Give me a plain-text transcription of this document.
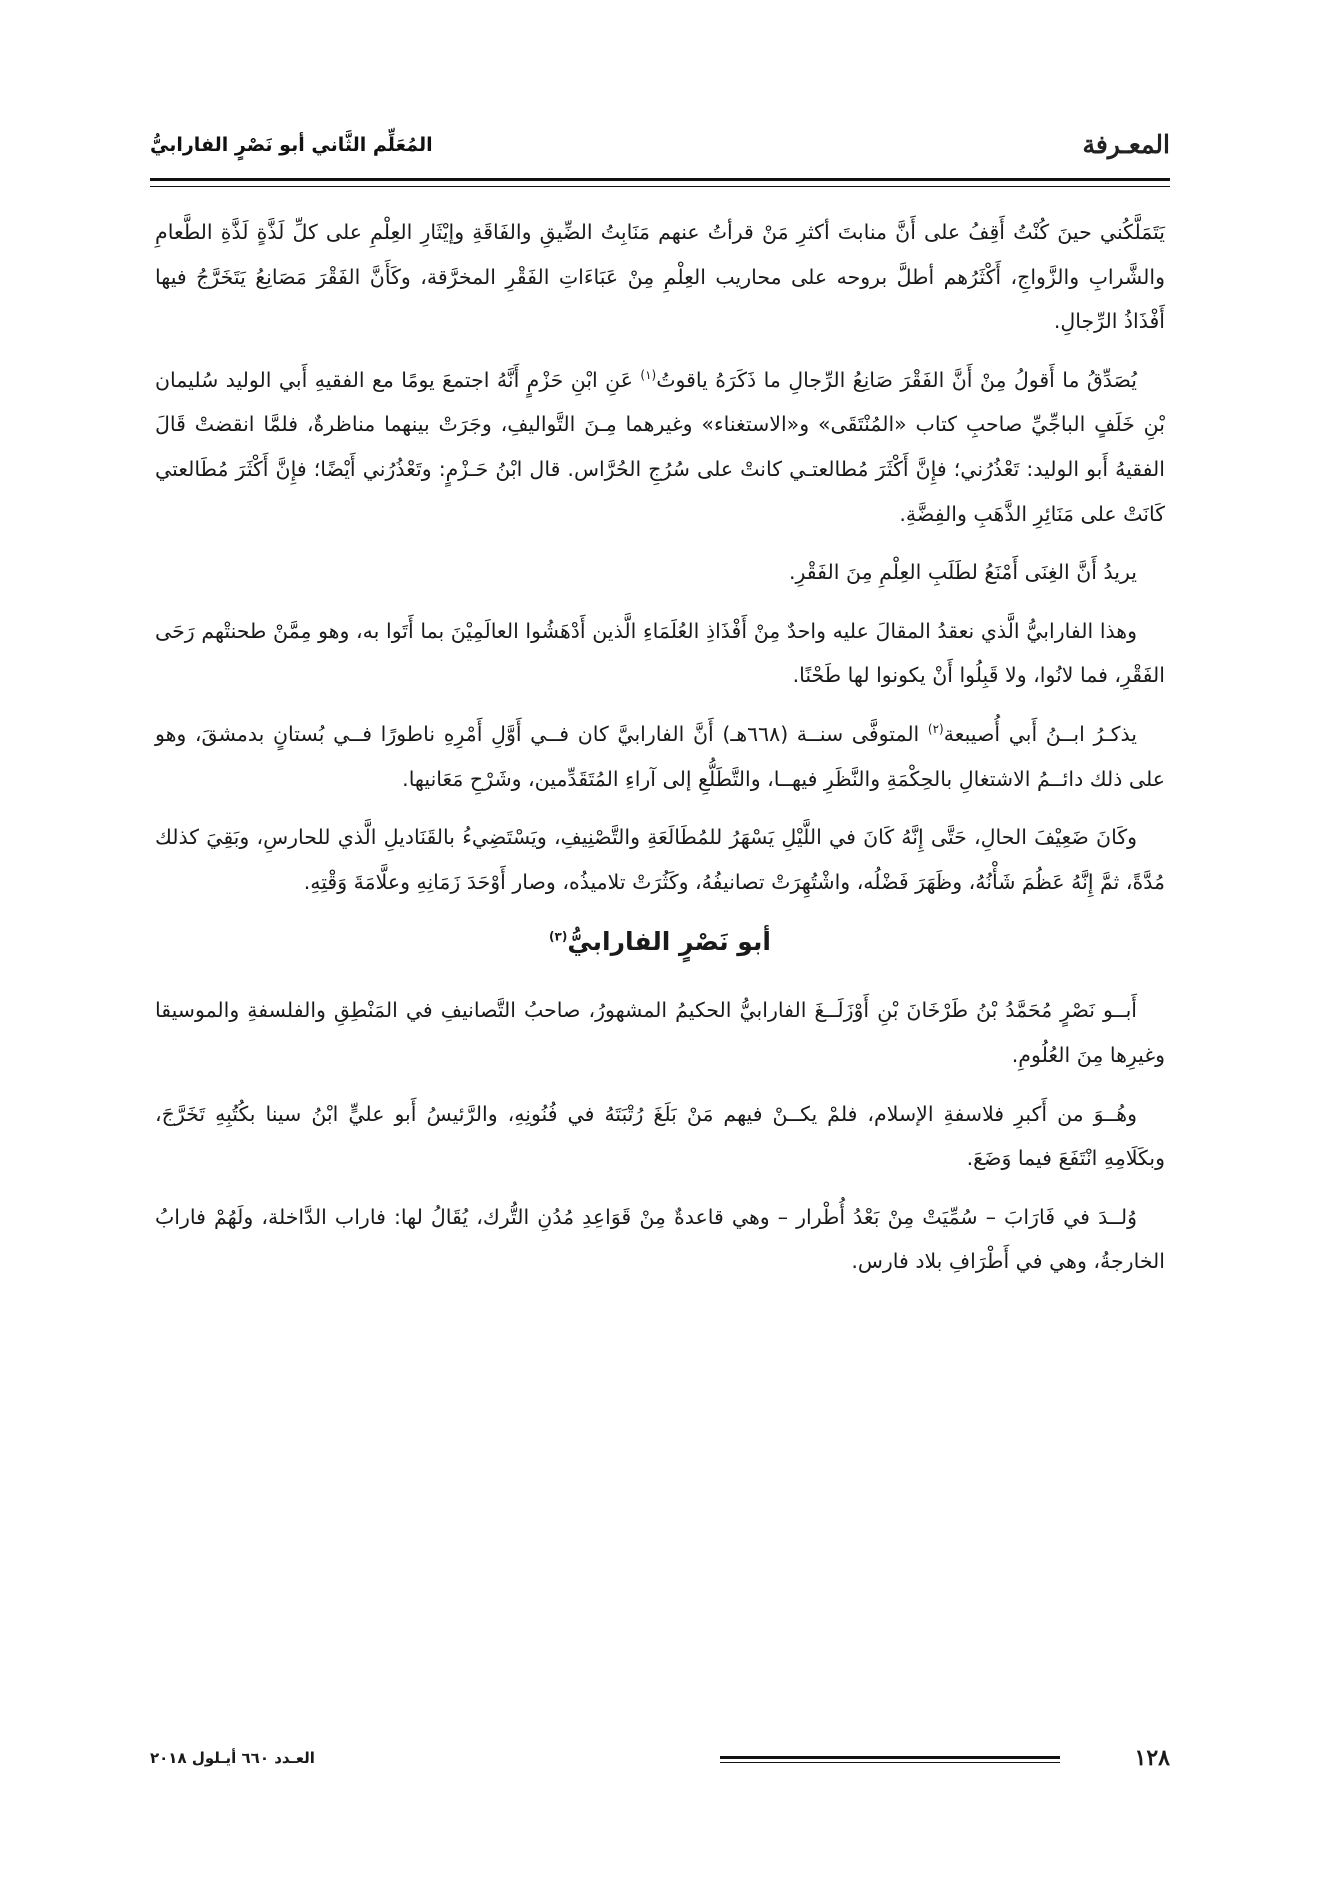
المعـرفة
المُعَلِّم الثَّاني أبو نَصْرٍ الفارابيُّ

يَتَمَلَّكُني حينَ كُنْتُ أَقِفُ على أَنَّ منابتَ أكثرِ مَنْ قرأتُ عنهم مَنَابِتُ الضِّيقِ والفَاقَةِ وإيْثَارِ العِلْمِ على كلِّ لَذَّةٍ لَذَّةِ الطَّعامِ والشَّرابِ والزَّواجِ، أَكْثَرُهم أطلَّ بروحه على محاريب العِلْمِ مِنْ عَبَاءَاتِ الفَقْرِ المخرَّقة، وكَأَنَّ الفَقْرَ مَصَانِعُ يَتَخَرَّجُ فيها أَفْذَاذُ الرِّجالِ.

يُصَدِّقُ ما أَقولُ مِنْ أَنَّ الفَقْرَ صَانِعُ الرِّجالِ ما ذَكَرَهُ ياقوتُ$^{(١)}$ عَنِ ابْنِ حَزْمٍ أَنَّهُ اجتمعَ يومًا مع الفقيهِ أَبي الوليد سُليمان بْنِ خَلَفٍ الباجِّيِّ صاحبِ كتاب «المُنْتَقَى» و«الاستغناء» وغيرهما مِـنَ التَّواليفِ، وجَرَتْ بينهما مناظرةٌ، فلمَّا انقضتْ قَالَ الفقيهُ أَبو الوليد: تَعْذُرُني؛ فإِنَّ أَكْثَرَ مُطالعتـي كانتْ على سُرُجِ الحُرَّاس. قال ابْنُ حَـزْمٍ: وتَعْذُرُني أَيْضًا؛ فإِنَّ أَكْثَرَ مُطَالعتي كَانَتْ على مَنَائِرِ الذَّهَبِ والفِضَّةِ.

يريدُ أَنَّ الغِنَى أَمْنَعُ لطَلَبِ العِلْمِ مِنَ الفَقْرِ.

وهذا الفارابيُّ الَّذي نعقدُ المقالَ عليه واحدٌ مِنْ أَفْذَاذِ العُلَمَاءِ الَّذين أَدْهَشُوا العالَمِيْنَ بما أَتَوا به، وهو مِمَّنْ طحنتْهم رَحَى الفَقْرِ، فما لانُوا، ولا قَبِلُوا أَنْ يكونوا لها طَحْنًا.

يذكـرُ ابــنُ أَبي أُصيبعة$^{(٢)}$ المتوفَّى سنــة (٦٦٨هـ) أَنَّ الفارابيَّ كان فــي أَوَّلِ أَمْرِهِ ناطورًا فــي بُستانٍ بدمشقَ، وهو على ذلك دائــمُ الاشتغالِ بالحِكْمَةِ والنَّظَرِ فيهــا، والتَّطَلُّعِ إلى آراءِ المُتَقَدِّمين، وشَرْحِ مَعَانيها.

وكَانَ ضَعِيْفَ الحالِ، حَتَّى إِنَّهُ كَانَ في اللَّيْلِ يَسْهَرُ للمُطَالَعَةِ والتَّصْنِيفِ، ويَسْتَضِيءُ بالقَنَاديلِ الَّذي للحارسِ، وبَقِيَ كذلك مُدَّةً، ثمَّ إِنَّهُ عَظُمَ شَأْنُهُ، وظَهَرَ فَضْلُه، واشْتُهِرَتْ تصانيفُهُ، وكَثُرَتْ تلاميذُه، وصار أَوْحَدَ زَمَانِهِ وعلَّامَةَ وَقْتِهِ.

أبو نَصْرٍ الفارابيُّ$^{(٣)}$

أَبــو نَصْرٍ مُحَمَّدُ بْنُ طَرْخَانَ بْنِ أَوْزَلَــغَ الفارابيُّ الحكيمُ المشهورُ، صاحبُ التَّصانيفِ في المَنْطِقِ والفلسفةِ والموسيقا وغيرِها مِنَ العُلُومِ.

وهُــوَ من أَكبرِ فلاسفةِ الإسلام، فلمْ يكــنْ فيهم مَنْ بَلَغَ رُتْبَتَهُ في فُنُونِهِ، والرَّئيسُ أَبو عليٍّ ابْنُ سينا بكُتُبِهِ تَخَرَّجَ، وبكَلَامِهِ انْتَفَعَ فيما وَضَعَ.

وُلــدَ في فَارَابَ – سُمِّيَتْ مِنْ بَعْدُ أُطْرار – وهي قاعدةٌ مِنْ قَوَاعِدِ مُدُنِ التُّرك، يُقَالُ لها: فاراب الدَّاخلة، ولَهُمْ فارابُ الخارجةُ، وهي في أَطْرَافِ بلاد فارس.

١٢٨
العـدد ٦٦٠ أيـلول ٢٠١٨
